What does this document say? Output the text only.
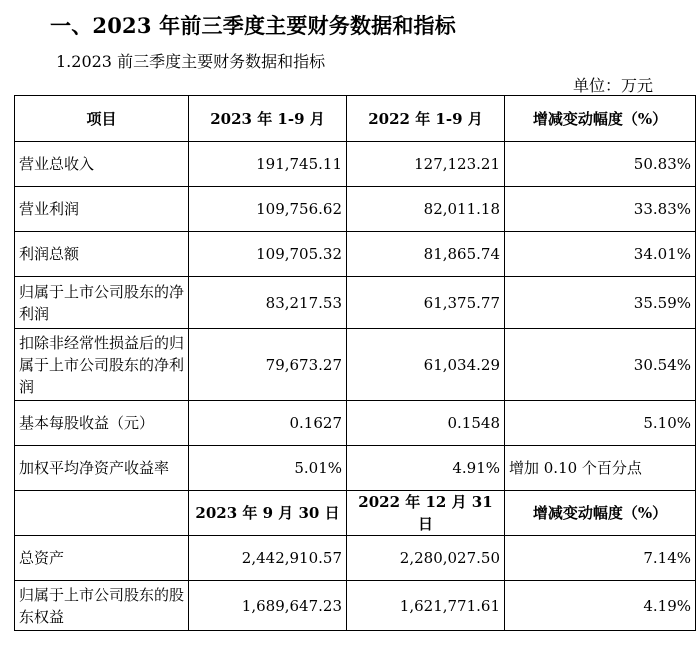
一、2023 年前三季度主要财务数据和指标
1.2023 前三季度主要财务数据和指标
单位：万元
项目	2023 年 1-9 月	2022 年 1-9 月	增减变动幅度（%）
营业总收入	191,745.11	127,123.21	50.83%
营业利润	109,756.62	82,011.18	33.83%
利润总额	109,705.32	81,865.74	34.01%
归属于上市公司股东的净利润	83,217.53	61,375.77	35.59%
扣除非经常性损益后的归属于上市公司股东的净利润	79,673.27	61,034.29	30.54%
基本每股收益（元）	0.1627	0.1548	5.10%
加权平均净资产收益率	5.01%	4.91%	增加 0.10 个百分点
	2023 年 9 月 30 日	2022 年 12 月 31 日	增减变动幅度（%）
总资产	2,442,910.57	2,280,027.50	7.14%
归属于上市公司股东的股东权益	1,689,647.23	1,621,771.61	4.19%
